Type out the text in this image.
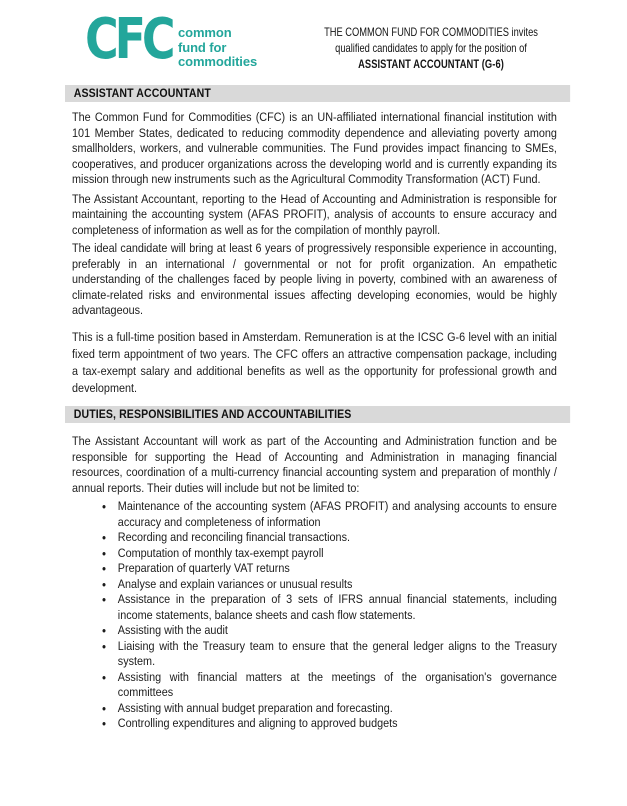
CFC common
fund for
commodities
THE COMMON FUND FOR COMMODITIES invites
qualified candidates to apply for the position of
ASSISTANT ACCOUNTANT (G-6)
ASSISTANT ACCOUNTANT

The Common Fund for Commodities (CFC) is an UN-affiliated international financial institution with 101 Member States, dedicated to reducing commodity dependence and alleviating poverty among smallholders, workers, and vulnerable communities. The Fund provides impact financing to SMEs, cooperatives, and producer organizations across the developing world and is currently expanding its mission through new instruments such as the Agricultural Commodity Transformation (ACT) Fund.

The Assistant Accountant, reporting to the Head of Accounting and Administration is responsible for maintaining the accounting system (AFAS PROFIT), analysis of accounts to ensure accuracy and completeness of information as well as for the compilation of monthly payroll.

The ideal candidate will bring at least 6 years of progressively responsible experience in accounting, preferably in an international / governmental or not for profit organization. An empathetic understanding of the challenges faced by people living in poverty, combined with an awareness of climate-related risks and environmental issues affecting developing economies, would be highly advantageous.

This is a full-time position based in Amsterdam. Remuneration is at the ICSC G-6 level with an initial fixed term appointment of two years. The CFC offers an attractive compensation package, including a tax-exempt salary and additional benefits as well as the opportunity for professional growth and development.

DUTIES, RESPONSIBILITIES AND ACCOUNTABILITIES

The Assistant Accountant will work as part of the Accounting and Administration function and be responsible for supporting the Head of Accounting and Administration in managing financial resources, coordination of a multi-currency financial accounting system and preparation of monthly / annual reports. Their duties will include but not be limited to:

• Maintenance of the accounting system (AFAS PROFIT) and analysing accounts to ensure accuracy and completeness of information
• Recording and reconciling financial transactions.
• Computation of monthly tax-exempt payroll
• Preparation of quarterly VAT returns
• Analyse and explain variances or unusual results
• Assistance in the preparation of 3 sets of IFRS annual financial statements, including income statements, balance sheets and cash flow statements.
• Assisting with the audit
• Liaising with the Treasury team to ensure that the general ledger aligns to the Treasury system.
• Assisting with financial matters at the meetings of the organisation's governance committees
• Assisting with annual budget preparation and forecasting.
• Controlling expenditures and aligning to approved budgets
